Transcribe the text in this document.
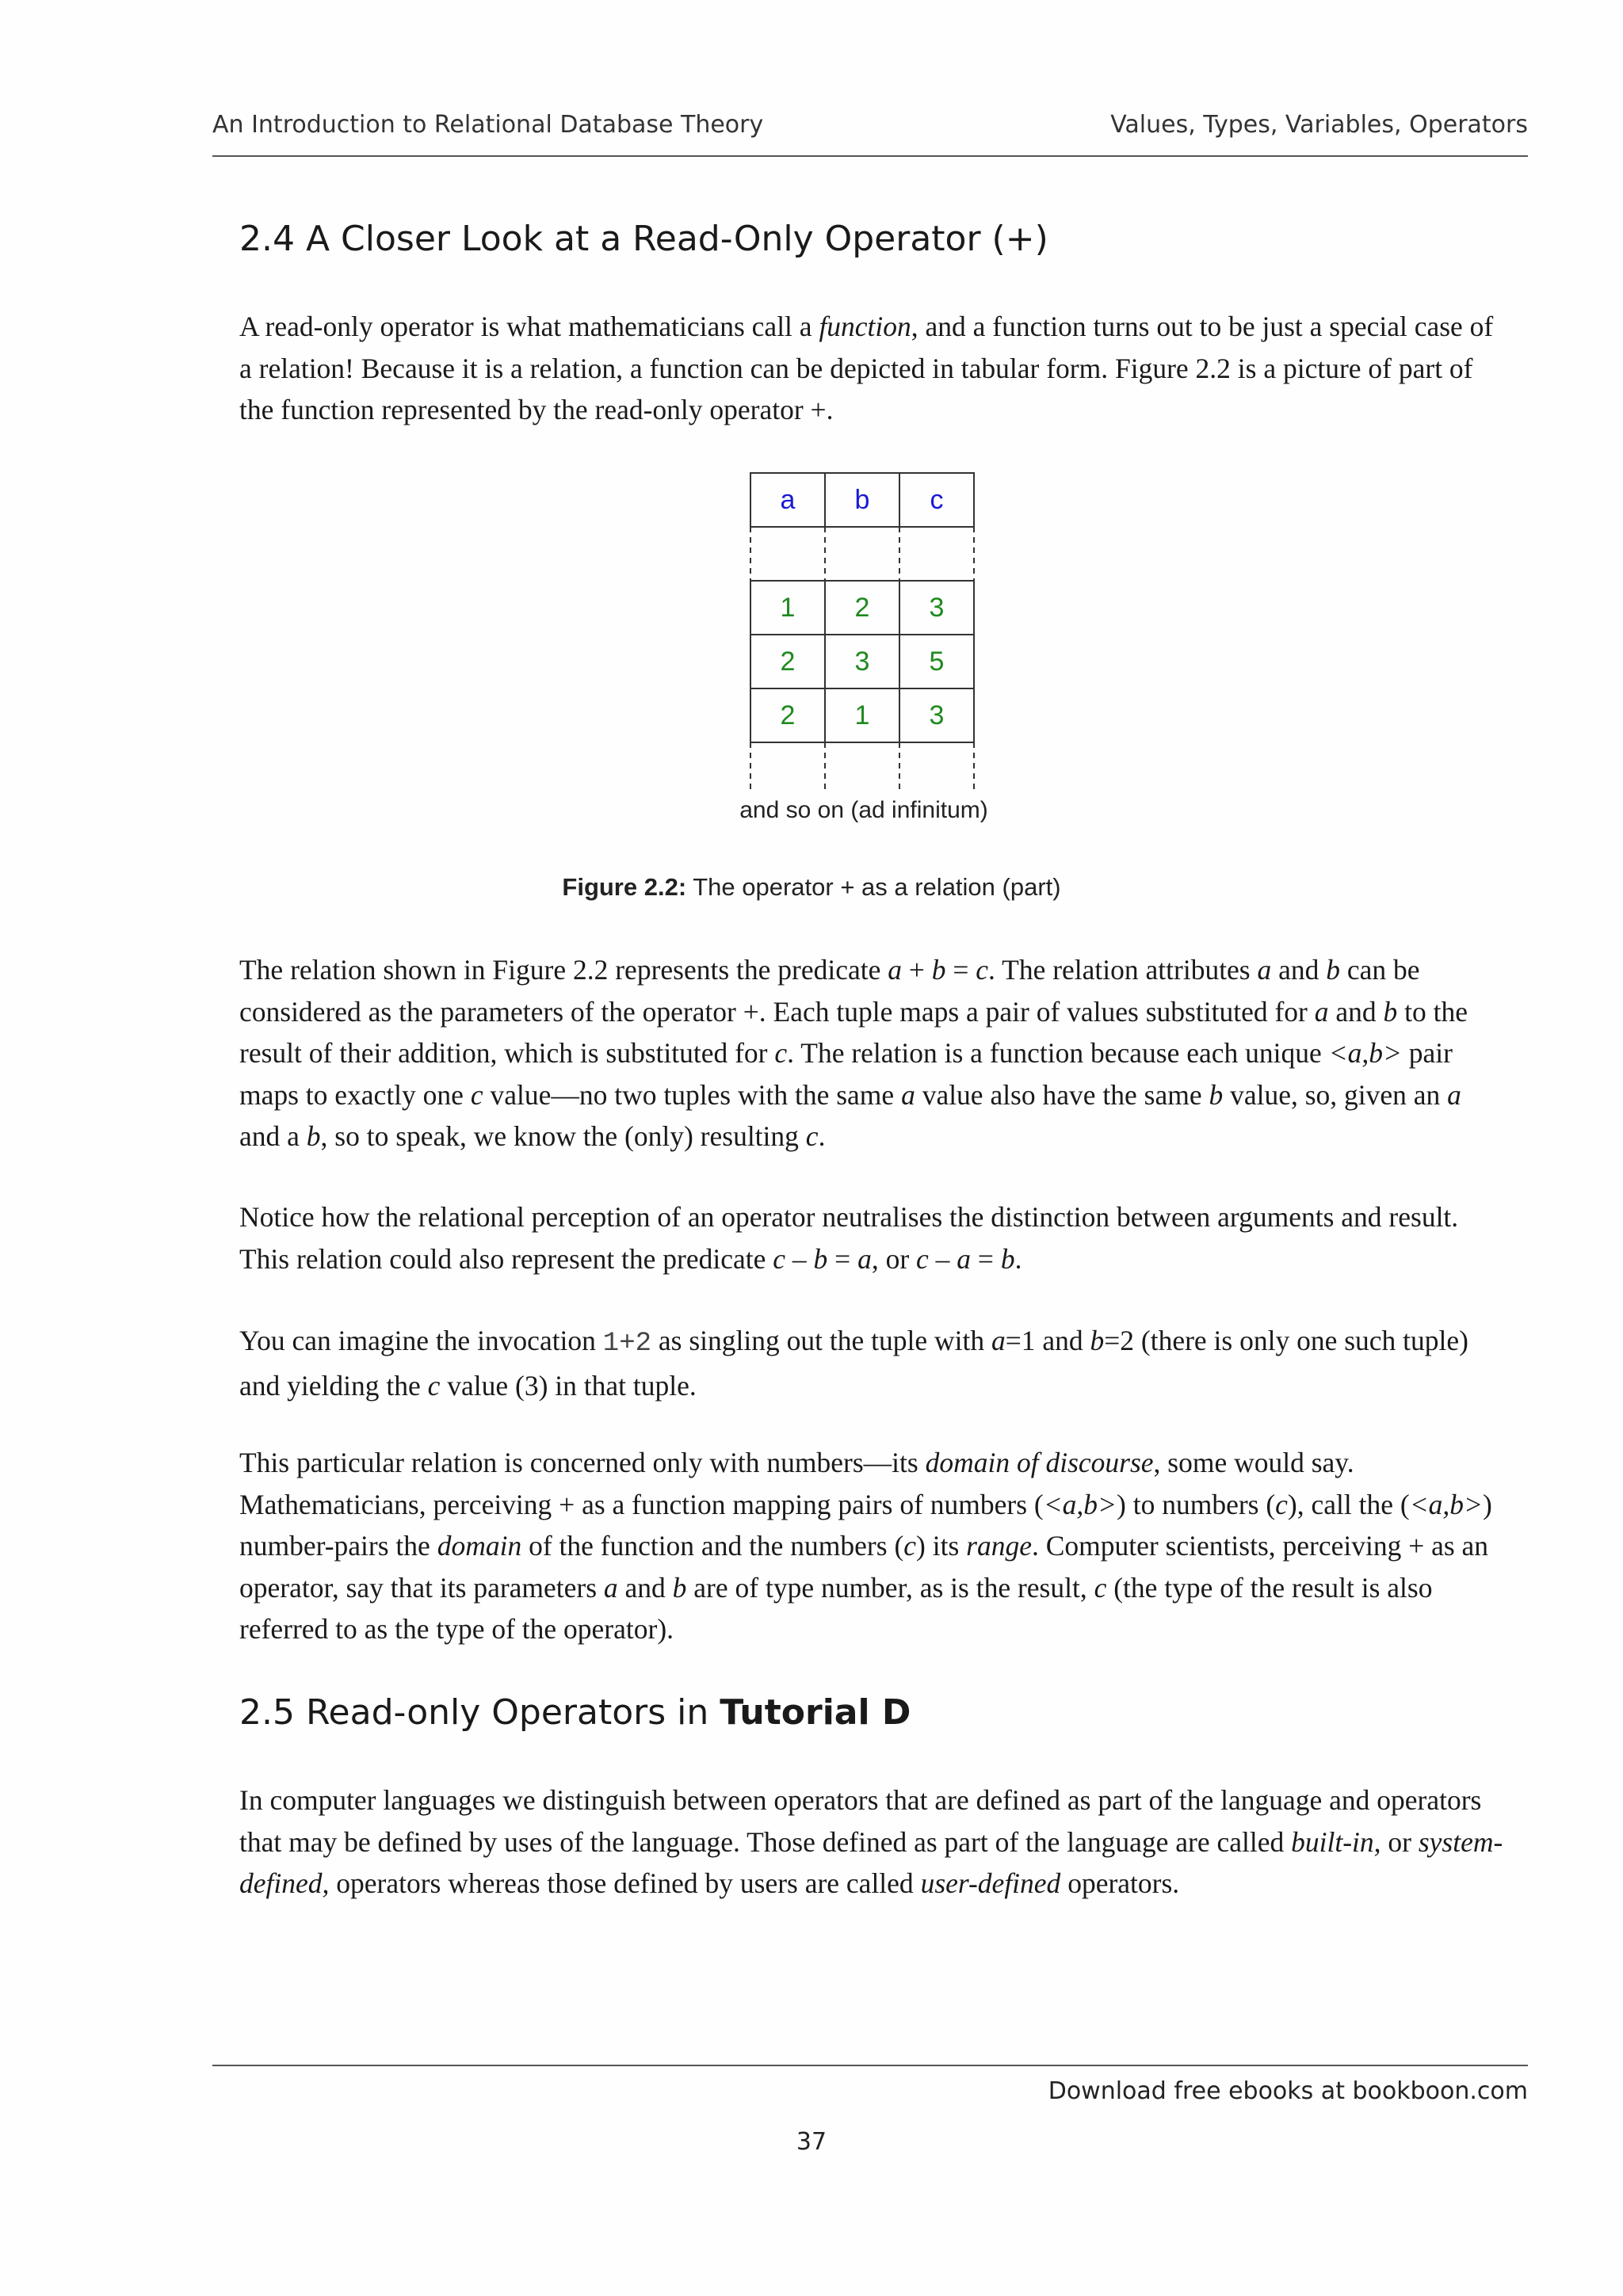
An Introduction to Relational Database Theory	Values, Types, Variables, Operators
2.4 A Closer Look at a Read-Only Operator (+)

A read-only operator is what mathematicians call a function, and a function turns out to be just a special case of a relation! Because it is a relation, a function can be depicted in tabular form. Figure 2.2 is a picture of part of the function represented by the read-only operator +.

a	b	c
1	2	3
2	3	5
2	1	3
and so on (ad infinitum)
Figure 2.2: The operator + as a relation (part)

The relation shown in Figure 2.2 represents the predicate a + b = c. The relation attributes a and b can be considered as the parameters of the operator +. Each tuple maps a pair of values substituted for a and b to the result of their addition, which is substituted for c. The relation is a function because each unique <a,b> pair maps to exactly one c value—no two tuples with the same a value also have the same b value, so, given an a and a b, so to speak, we know the (only) resulting c.

Notice how the relational perception of an operator neutralises the distinction between arguments and result. This relation could also represent the predicate c – b = a, or c – a = b.

You can imagine the invocation 1+2 as singling out the tuple with a=1 and b=2 (there is only one such tuple) and yielding the c value (3) in that tuple.

This particular relation is concerned only with numbers—its domain of discourse, some would say. Mathematicians, perceiving + as a function mapping pairs of numbers (<a,b>) to numbers (c), call the (<a,b>) number-pairs the domain of the function and the numbers (c) its range. Computer scientists, perceiving + as an operator, say that its parameters a and b are of type number, as is the result, c (the type of the result is also referred to as the type of the operator).

2.5 Read-only Operators in Tutorial D

In computer languages we distinguish between operators that are defined as part of the language and operators that may be defined by uses of the language. Those defined as part of the language are called built-in, or system-defined, operators whereas those defined by users are called user-defined operators.

Download free ebooks at bookboon.com
37
